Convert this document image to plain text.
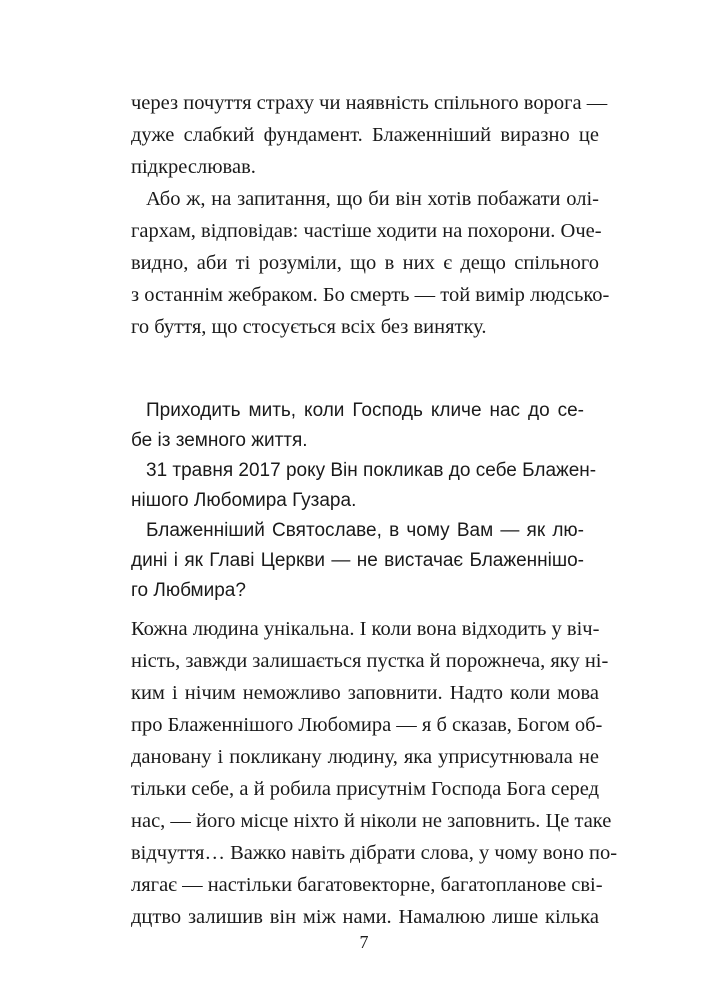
через почуття страху чи наявність спільного ворога —

дуже слабкий фундамент. Блаженніший виразно це

підкреслював.

Або ж, на запитання, що би він хотів побажати олі-

гархам, відповідав: частіше ходити на похорони. Оче-

видно, аби ті розуміли, що в них є дещо спільного

з останнім жебраком. Бо смерть — той вимір людсько-

го буття, що стосується всіх без винятку.

Приходить мить, коли Господь кличе нас до се-

бе із земного життя.

31 травня 2017 року Він покликав до себе Блажен-

нішого Любомира Гузара.

Блаженніший Святославе, в чому Вам — як лю-

дині і як Главі Церкви — не вистачає Блаженнішо-

го Любмира?

Кожна людина унікальна. І коли вона відходить у віч-

ність, завжди залишається пустка й порожнеча, яку ні-

ким і нічим неможливо заповнити. Надто коли мова

про Блаженнішого Любомира — я б сказав, Богом об-

дановану і покликану людину, яка уприсутнювала не

тільки себе, а й робила присутнім Господа Бога серед

нас, — його місце ніхто й ніколи не заповнить. Це таке

відчуття… Важко навіть дібрати слова, у чому воно по-

лягає — настільки багатовекторне, багатопланове сві-

дцтво залишив він між нами. Намалюю лише кілька

7
